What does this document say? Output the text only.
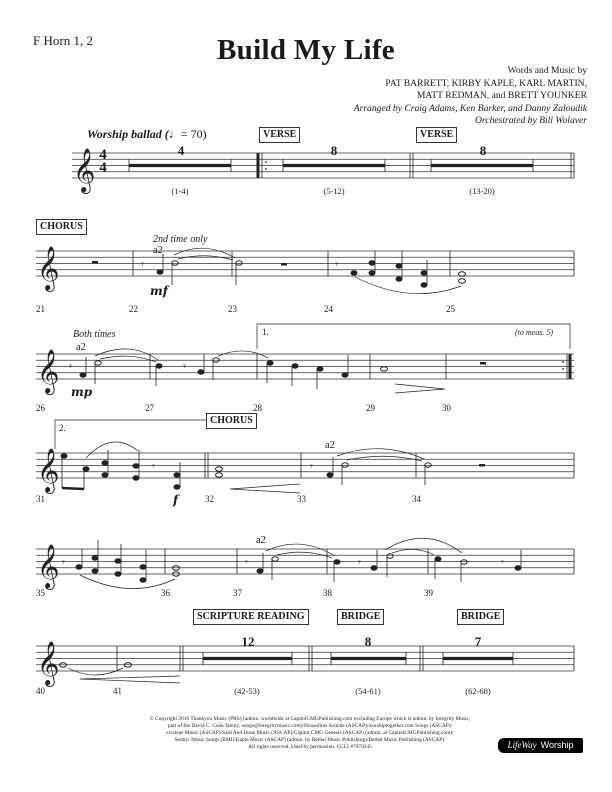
F Horn 1, 2	Build My Life
Words and Music by
PAT BARRETT, KIRBY KAPLE, KARL MARTIN,
MATT REDMAN, and BRETT YOUNKER
Arranged by Craig Adams, Ken Barker, and Danny Zaloudik
Orchestrated by Bill Wolaver
Worship ballad (♩= 70)
𝄞
𝄞
𝄞
𝄞
𝄞
𝄞
𝄾	𝄾
𝄾	𝄾
𝄾	𝄾
𝄾	𝄾	𝄾	𝄾
4
4
VERSE	VERSE
4	8	8
(1-4)	(5-12)	(13-20)
CHORUS
2nd time only
a2
mf
21	22	23	24	25
Both times
a2
mp
1.	(to meas. 5)
26	27	28	29	30
2.
CHORUS
a2
f
31	32	33	34
a2
35	36	37	38	39
SCRIPTURE READING	BRIDGE	BRIDGE
12	8	7
40	41	(42-53)	(54-61)	(62-68)
© Copyright 2016 Thankyou Music (PRS) (admin. worldwide at CapitolCMGPublishing.com excluding Europe which is admin. by Integrity Music,
part of the David C. Cook family, songs@integritymusic.com)/Housefires Sounds (ASCAP)/worshiptogether.com Songs (ASCAP)/
sixsteps Music (ASCAP)/Said And Done Music (ASCAP)/Capitol CMG Genesis (ASCAP) (admin. at CapitolCMGPublishing.com)/
Sentric Music Songs (BMI)/Kaple Music (ASCAP) (admin. by Bethel Music Publishing)/Bethel Music Publishing (ASCAP).
All rights reserved. Used by permission. CCLI #7070345	LifeWay Worship
